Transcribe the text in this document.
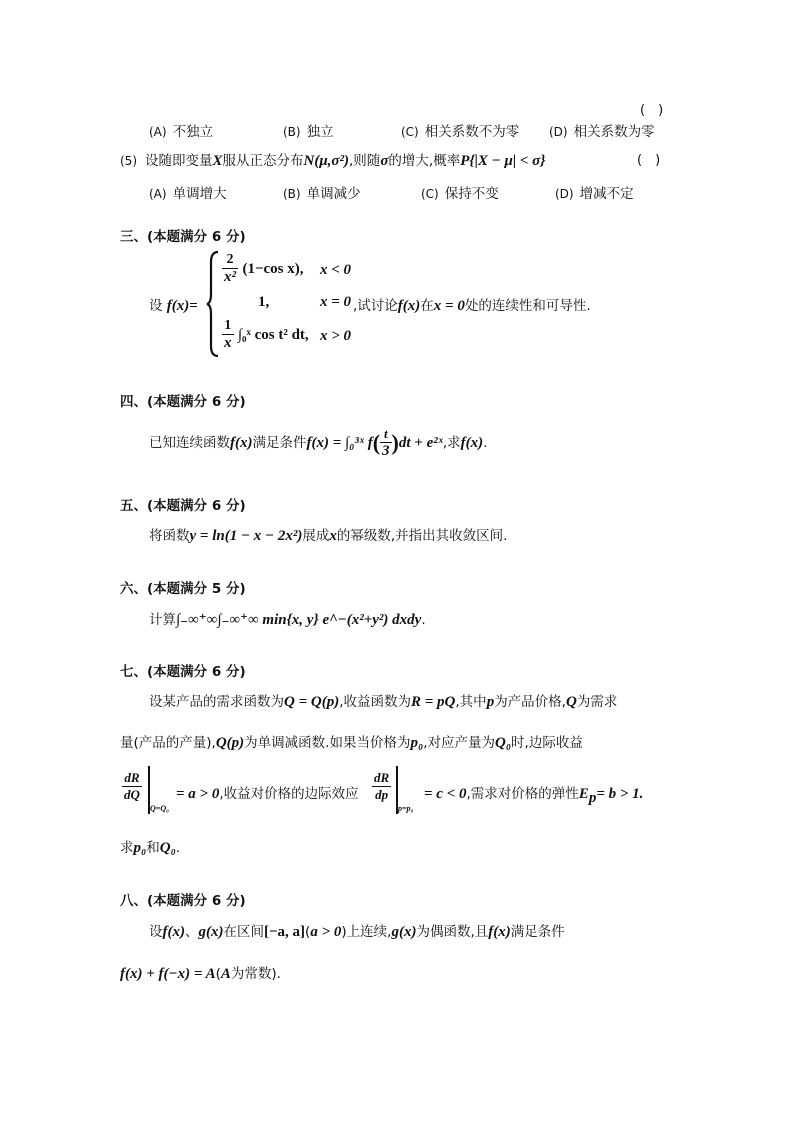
(　)
(A) 不独立	(B) 独立	(C) 相关系数不为零 (D) 相关系数为零
(5) 设随即变量X服从正态分布N(μ,σ²),则随σ的增大,概率P{|X − μ| < σ}	(　)
(A) 单调增大	(B) 单调减少	(C) 保持不变	(D) 增减不定
三、(本题满分 6 分)
设 f(x)=
$\frac{2}{\text{x²}} (1-\cos$ x), x < 0
1,	x = 0
$\frac{1}{x}$ ∫₀ˣ cos t² dt, x > 0
,试讨论f(x)在x = 0处的连续性和可导性.
四、(本题满分 6 分)
已知连续函数f(x)满足条件f(x) = ∫₀³ˣ $f( \frac{t}{3} )dt$ + e²ˣ,求f(x).
五、(本题满分 6 分)
将函数y = ln(1 − x − 2x²)展成x的幂级数,并指出其收敛区间.
六、(本题满分 5 分)
计算∫₋∞⁺∞∫₋∞⁺∞ min{x, y} e^−(x²+y²) dxdy.
七、(本题满分 6 分)
设某产品的需求函数为Q = Q(p),收益函数为R = pQ,其中p为产品价格,Q为需求
量(产品的产量),Q(p)为单调减函数.如果当价格为p₀,对应产量为Q₀时,边际收益
$\frac{dR}{dQ}$
Q=Q₀
= a > 0,收益对价格的边际效应 $\frac{dR}{dp}$
p=p₀
= c < 0,需求对价格的弹性$E_p= b > 1$.
求p₀和Q₀.
八、(本题满分 6 分)
设f(x)、g(x)在区间[−a, a](a > 0)上连续,g(x)为偶函数,且f(x)满足条件
f(x) + f(−x) = A(A为常数).
